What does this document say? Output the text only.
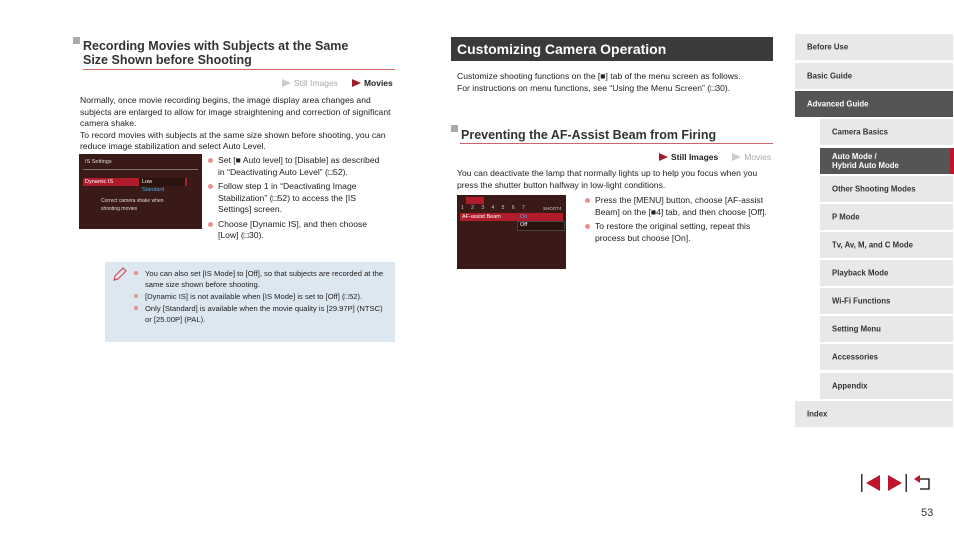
Recording Movies with Subjects at the Same
Size Shown before Shooting
Still Images	Movies
Normally, once movie recording begins, the image display area changes and subjects are enlarged to allow for image straightening and correction of significant camera shake.
To record movies with subjects at the same size shown before shooting, you can reduce image stabilization and select Auto Level.
IS Settings
Dynamic IS	Low
Standard
Correct camera shake when
shooting movies
Set [■ Auto level] to [Disable] as described in “Deactivating Auto Level” (□52).
Follow step 1 in “Deactivating Image Stabilization” (□52) to access the [IS Settings] screen.
Choose [Dynamic IS], and then choose [Low] (□30).
You can also set [IS Mode] to [Off], so that subjects are recorded at the same size shown before shooting.
[Dynamic IS] is not available when [IS Mode] is set to [Off] (□52).
Only [Standard] is available when the movie quality is [29.97P] (NTSC) or [25.00P] (PAL).
Customizing Camera Operation
Customize shooting functions on the [■] tab of the menu screen as follows.
For instructions on menu functions, see “Using the Menu Screen” (□30).
Preventing the AF-Assist Beam from Firing
Still Images	Movies
You can deactivate the lamp that normally lights up to help you focus when you press the shutter button halfway in low-light conditions.
1 2 3 4 5 6 7	SHOOT4
AF-assist Beam	On
Off
Press the [MENU] button, choose [AF-assist Beam] on the [■4] tab, and then choose [Off].
To restore the original setting, repeat this process but choose [On].
Before Use
Basic Guide
Advanced Guide
Camera Basics
Auto Mode /
Hybrid Auto Mode
Other Shooting Modes
P Mode
Tv, Av, M, and C Mode
Playback Mode
Wi-Fi Functions
Setting Menu
Accessories
Appendix
Index
53
